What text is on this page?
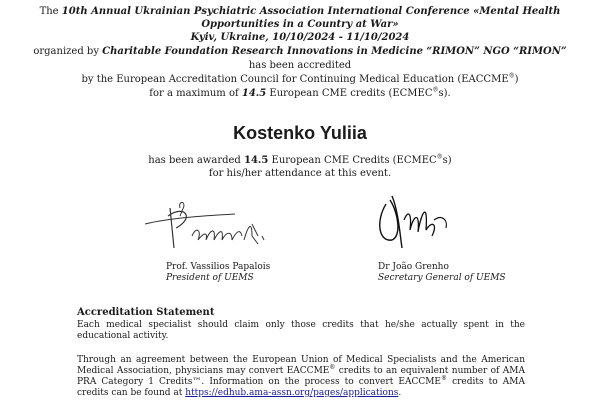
The 10th Annual Ukrainian Psychiatric Association International Conference «Mental Health
Opportunities in a Country at War»
Kyiv, Ukraine, 10/10/2024 - 11/10/2024
organized by Charitable Foundation Research Innovations in Medicine “RIMON” NGO “RIMON”
has been accredited
by the European Accreditation Council for Continuing Medical Education (EACCME®)
for a maximum of 14.5 European CME credits (ECMEC®s).
Kostenko Yuliia
has been awarded 14.5 European CME Credits (ECMEC®s)
for his/her attendance at this event.
Prof. Vassilios Papalois
President of UEMS
Dr João Grenho
Secretary General of UEMS
Accreditation Statement
Each medical specialist should claim only those credits that he/she actually spent in the educational activity.
Through an agreement between the European Union of Medical Specialists and the American Medical Association, physicians may convert EACCME® credits to an equivalent number of AMA PRA Category 1 Credits™. Information on the process to convert EACCME® credits to AMA credits can be found at https://edhub.ama-assn.org/pages/applications.
